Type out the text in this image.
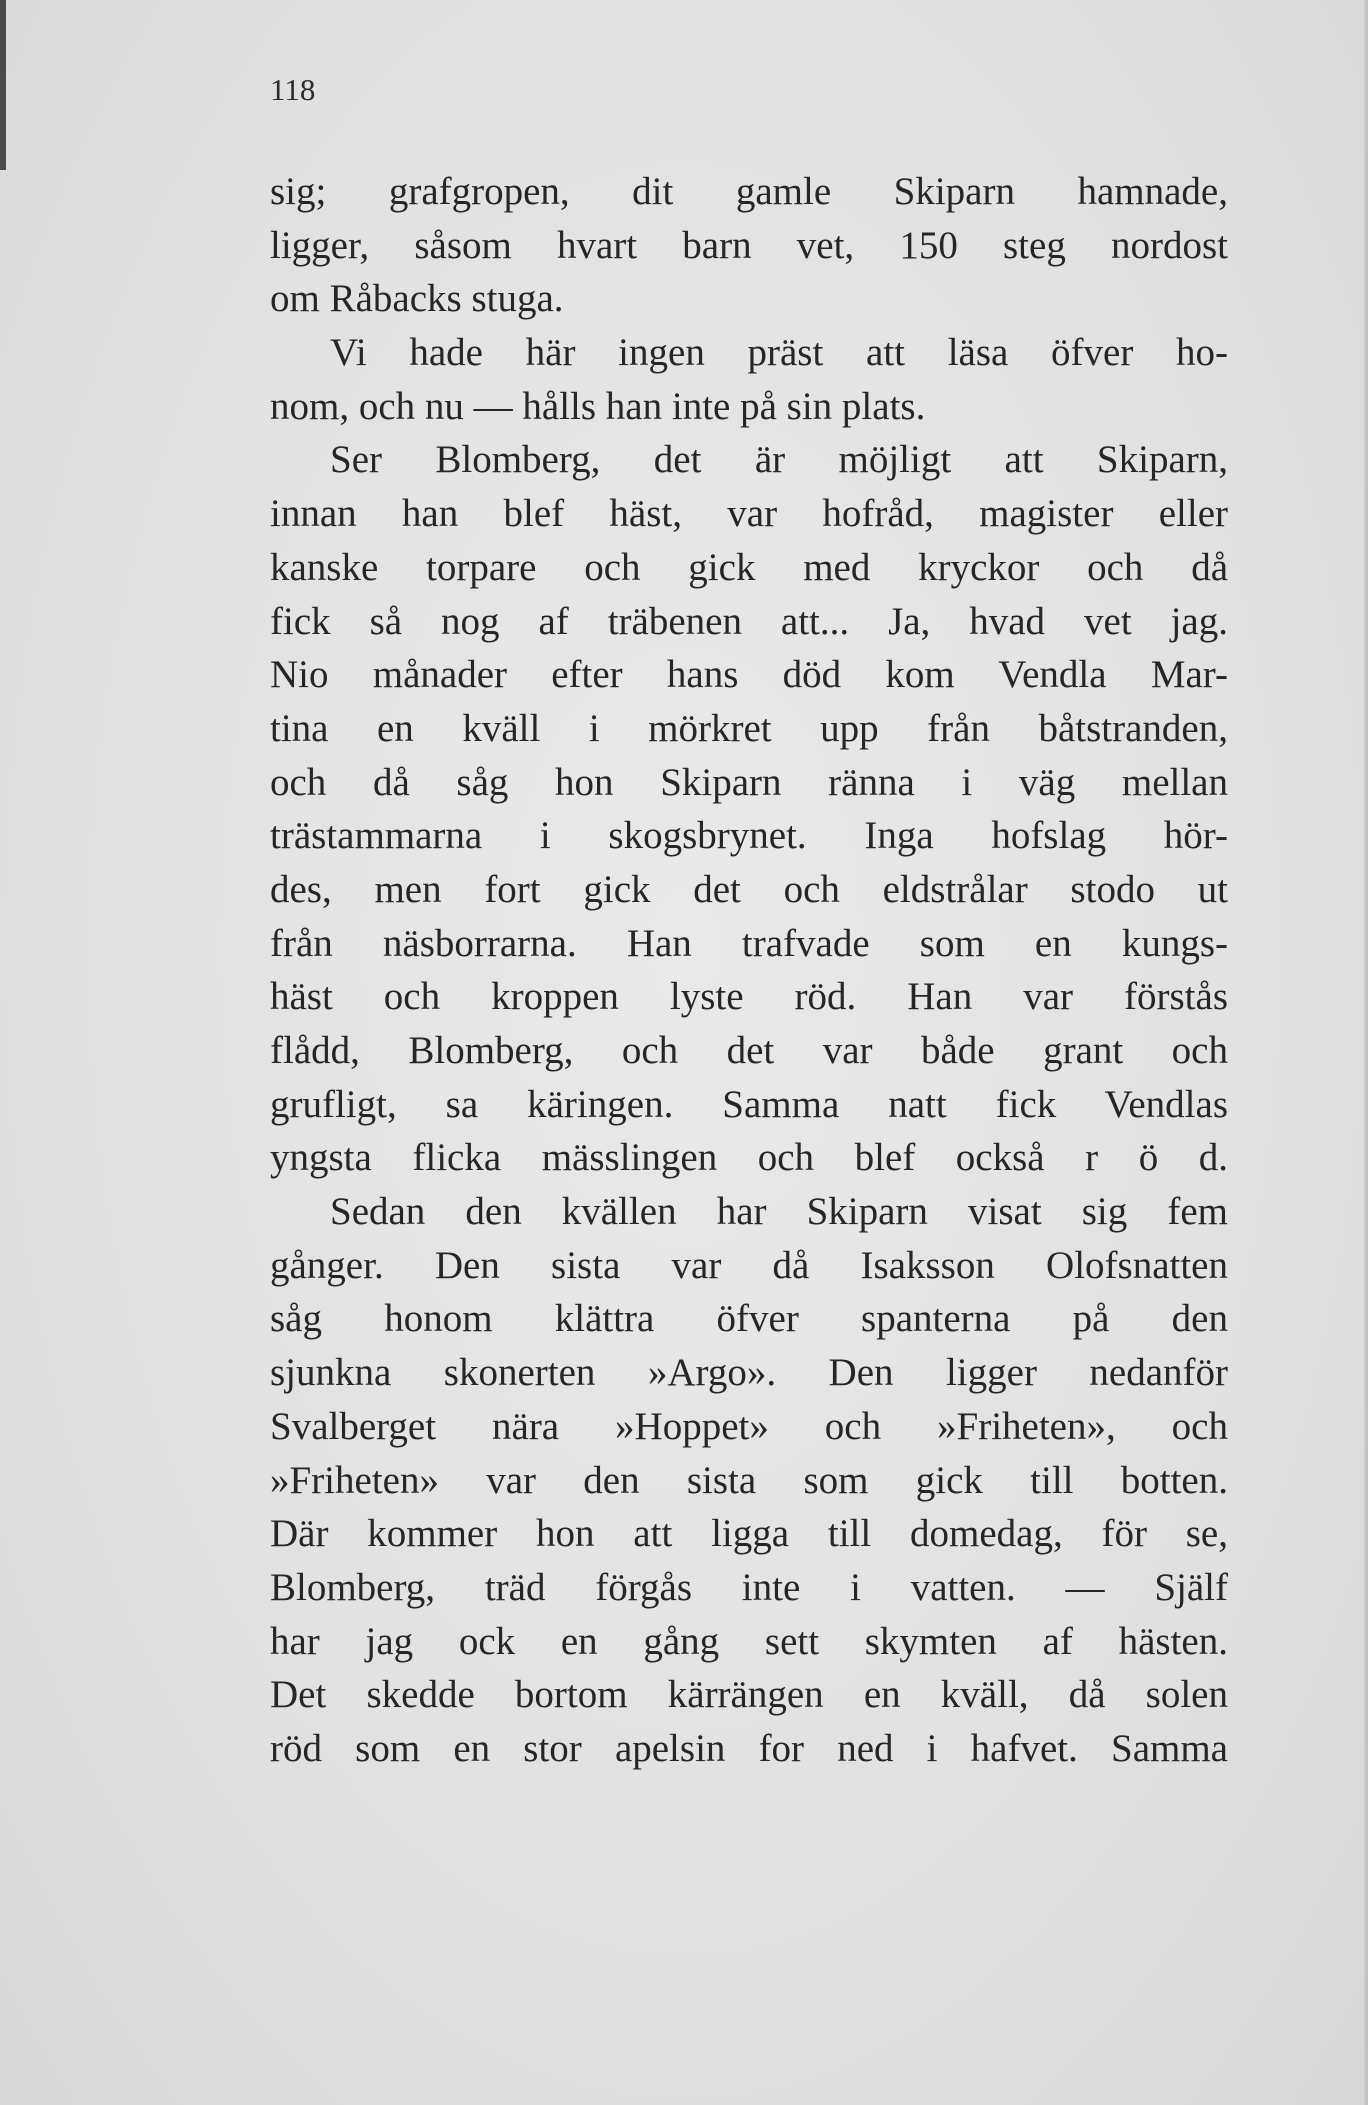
118
sig; grafgropen, dit gamle Skiparn hamnade,
ligger, såsom hvart barn vet, 150 steg nordost
om Råbacks stuga.
Vi hade här ingen präst att läsa öfver ho-
nom, och nu — hålls han inte på sin plats.
Ser Blomberg, det är möjligt att Skiparn,
innan han blef häst, var hofråd, magister eller
kanske torpare och gick med kryckor och då
fick så nog af träbenen att... Ja, hvad vet jag.
Nio månader efter hans död kom Vendla Mar-
tina en kväll i mörkret upp från båtstranden,
och då såg hon Skiparn ränna i väg mellan
trästammarna i skogsbrynet. Inga hofslag hör-
des, men fort gick det och eldstrålar stodo ut
från näsborrarna. Han trafvade som en kungs-
häst och kroppen lyste röd. Han var förstås
flådd, Blomberg, och det var både grant och
grufligt, sa käringen. Samma natt fick Vendlas
yngsta flicka mässlingen och blef också r ö d.
Sedan den kvällen har Skiparn visat sig fem
gånger. Den sista var då Isaksson Olofsnatten
såg honom klättra öfver spanterna på den
sjunkna skonerten »Argo». Den ligger nedanför
Svalberget nära »Hoppet» och »Friheten», och
»Friheten» var den sista som gick till botten.
Där kommer hon att ligga till domedag, för se,
Blomberg, träd förgås inte i vatten. — Själf
har jag ock en gång sett skymten af hästen.
Det skedde bortom kärrängen en kväll, då solen
röd som en stor apelsin for ned i hafvet. Samma
